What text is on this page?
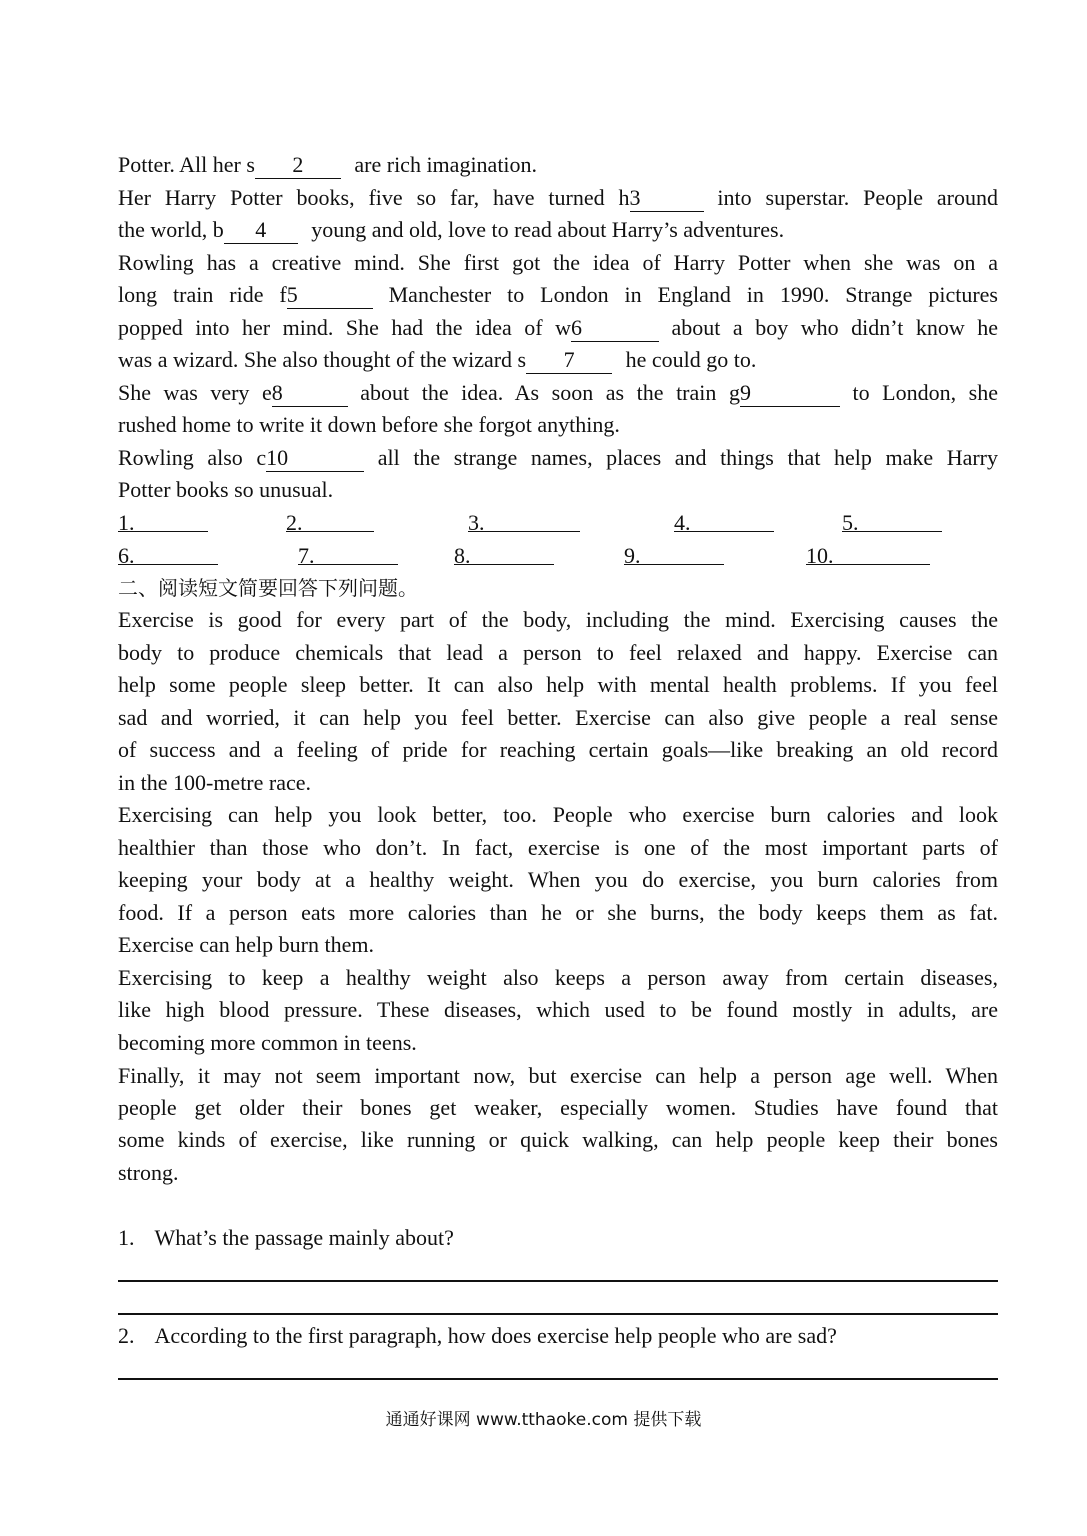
Potter. All her s 2 are rich imagination.
Her Harry Potter books, five so far, have turned h3	into superstar. People around
the world, b 4 young and old, love to read about Harry’s adventures.
Rowling has a creative mind. She first got the idea of Harry Potter when she was on a
long train ride f5	Manchester to London in England in 1990. Strange pictures
popped into her mind. She had the idea of w6	about a boy who didn’t know he
was a wizard. She also thought of the wizard s 7 he could go to.
She was very e8	about the idea. As soon as the train g9	to London, she
rushed home to write it down before she forgot anything.
Rowling also c10	all the strange names, places and things that help make Harry
Potter books so unusual.
1.	2.	3.	4.	5.
6.	7.	8.	9.	10.
二、阅读短文简要回答下列问题。
Exercise is good for every part of the body, including the mind. Exercising causes the
body to produce chemicals that lead a person to feel relaxed and happy. Exercise can
help some people sleep better. It can also help with mental health problems. If you feel
sad and worried, it can help you feel better. Exercise can also give people a real sense
of success and a feeling of pride for reaching certain goals—like breaking an old record
in the 100-metre race.
Exercising can help you look better, too. People who exercise burn calories and look
healthier than those who don’t. In fact, exercise is one of the most important parts of
keeping your body at a healthy weight. When you do exercise, you burn calories from
food. If a person eats more calories than he or she burns, the body keeps them as fat.
Exercise can help burn them.
Exercising to keep a healthy weight also keeps a person away from certain diseases,
like high blood pressure. These diseases, which used to be found mostly in adults, are
becoming more common in teens.
Finally, it may not seem important now, but exercise can help a person age well. When
people get older their bones get weaker, especially women. Studies have found that
some kinds of exercise, like running or quick walking, can help people keep their bones
strong.
1. What’s the passage mainly about?
2. According to the first paragraph, how does exercise help people who are sad?
通通好课网 www.tthaoke.com 提供下载
